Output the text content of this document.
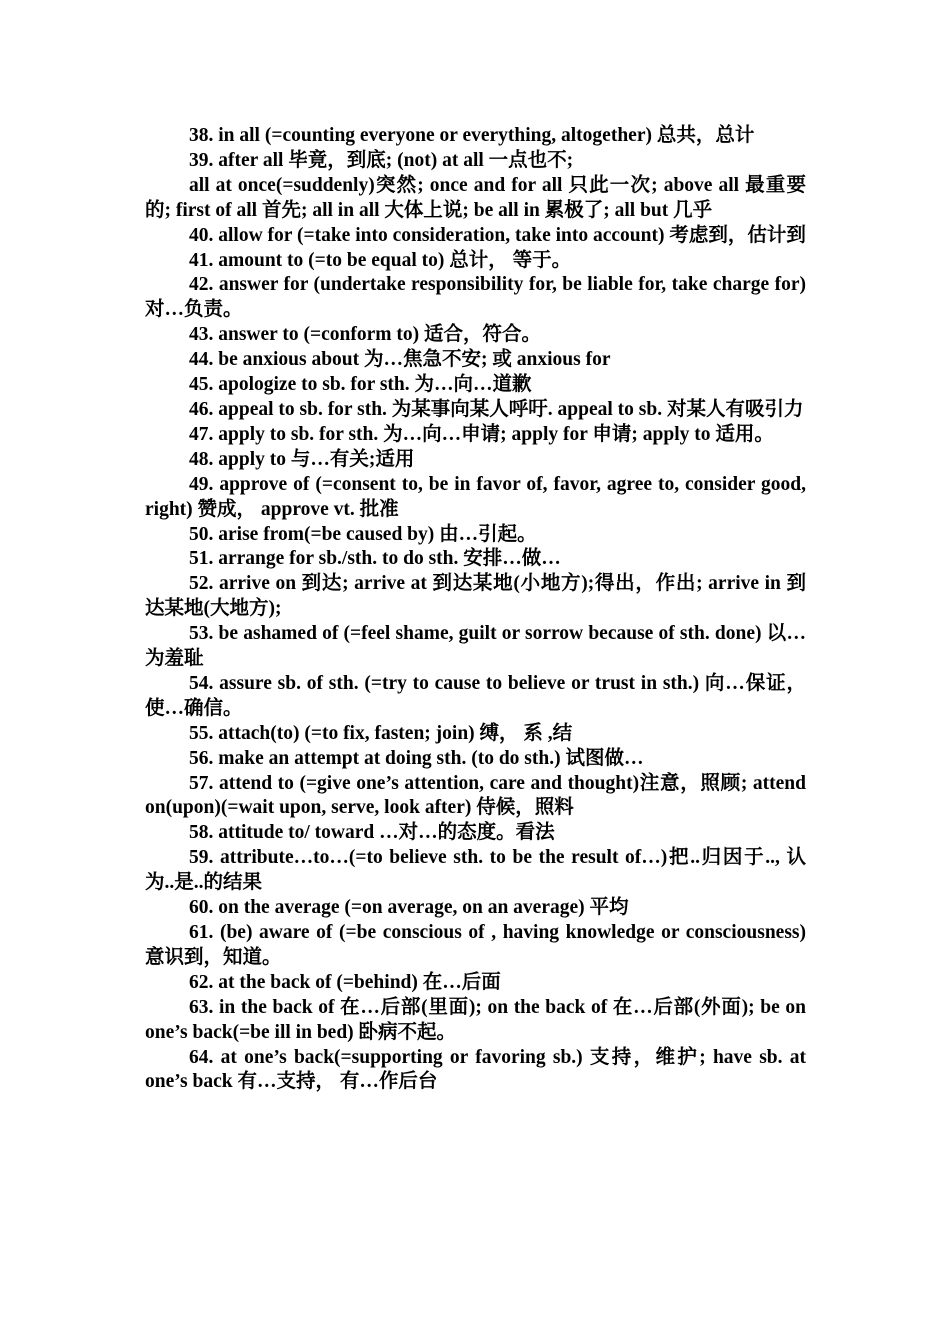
38. in all (=counting everyone or everything, altogether) 总共，总计

39. after all 毕竟，到底; (not) at all 一点也不;

all at once(=suddenly)突然; once and for all 只此一次; above all 最重要的; first of all 首先; all in all 大体上说; be all in 累极了; all but 几乎

40. allow for (=take into consideration, take into account) 考虑到，估计到

41. amount to (=to be equal to) 总计， 等于。

42. answer for (undertake responsibility for, be liable for, take charge for) 对…负责。

43. answer to (=conform to) 适合，符合。

44. be anxious about 为…焦急不安; 或 anxious for

45. apologize to sb. for sth. 为…向…道歉

46. appeal to sb. for sth. 为某事向某人呼吁. appeal to sb. 对某人有吸引力

47. apply to sb. for sth. 为…向…申请; apply for 申请; apply to 适用。

48. apply to 与…有关;适用

49. approve of (=consent to, be in favor of, favor, agree to, consider good, right) 赞成， approve vt. 批准

50. arise from(=be caused by) 由…引起。

51. arrange for sb./sth. to do sth. 安排…做…

52. arrive on 到达; arrive at 到达某地(小地方);得出，作出; arrive in 到达某地(大地方);

53. be ashamed of (=feel shame, guilt or sorrow because of sth. done) 以…为羞耻

54. assure sb. of sth. (=try to cause to believe or trust in sth.) 向…保证， 使…确信。

55. attach(to) (=to fix, fasten; join) 缚， 系 ,结

56. make an attempt at doing sth. (to do sth.) 试图做…

57. attend to (=give one’s attention, care and thought)注意，照顾; attend on(upon)(=wait upon, serve, look after) 侍候，照料

58. attitude to/ toward …对…的态度。看法

59. attribute…to…(=to believe sth. to be the result of…)把..归因于.., 认为..是..的结果

60. on the average (=on average, on an average) 平均

61. (be) aware of (=be conscious of , having knowledge or consciousness)意识到，知道。

62. at the back of (=behind) 在…后面

63. in the back of 在…后部(里面); on the back of 在…后部(外面); be on one’s back(=be ill in bed) 卧病不起。

64. at one’s back(=supporting or favoring sb.) 支持，维护; have sb. at one’s back 有…支持， 有…作后台
